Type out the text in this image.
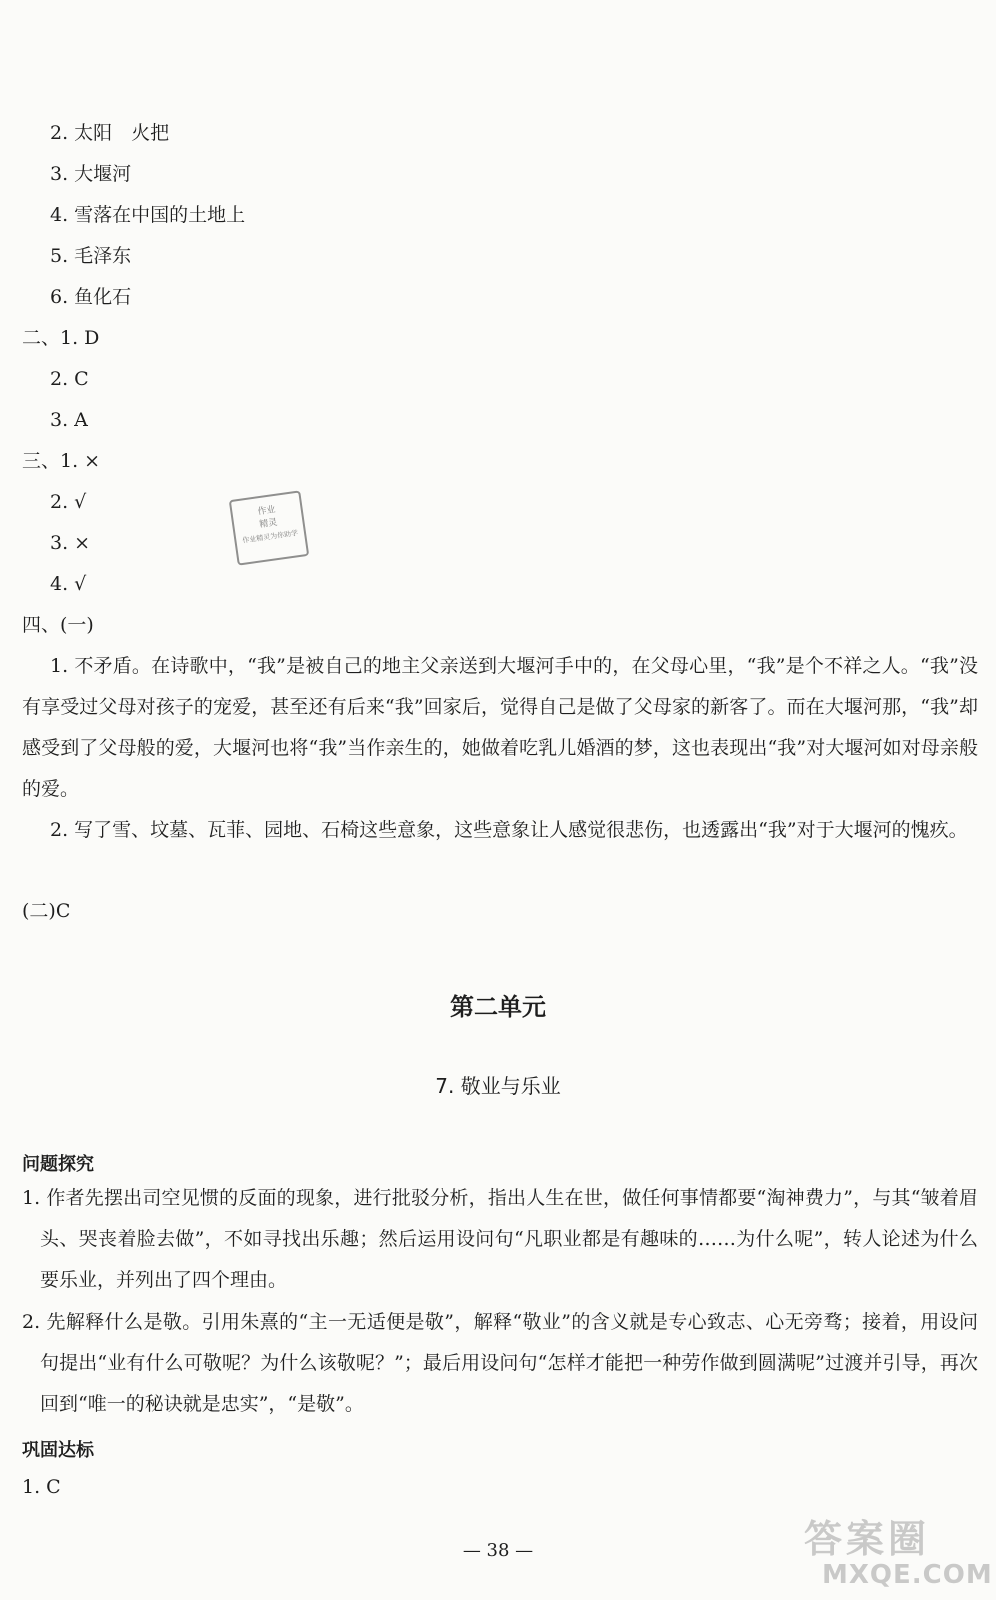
2. 太阳　火把
3. 大堰河
4. 雪落在中国的土地上
5. 毛泽东
6. 鱼化石
二、1. D
2. C
3. A
三、1. ×
2. √
3. ×
4. √
作业
精灵
作业精灵为你助学
四、(一)
1. 不矛盾。在诗歌中，“我”是被自己的地主父亲送到大堰河手中的，在父母心里，“我”是个不祥之人。“我”没有享受过父母对孩子的宠爱，甚至还有后来“我”回家后，觉得自己是做了父母家的新客了。而在大堰河那，“我”却感受到了父母般的爱，大堰河也将“我”当作亲生的，她做着吃乳儿婚酒的梦，这也表现出“我”对大堰河如对母亲般的爱。
2. 写了雪、坟墓、瓦菲、园地、石椅这些意象，这些意象让人感觉很悲伤，也透露出“我”对于大堰河的愧疚。
(二)C
第二单元
7. 敬业与乐业
问题探究
1. 作者先摆出司空见惯的反面的现象，进行批驳分析，指出人生在世，做任何事情都要“淘神费力”，与其“皱着眉头、哭丧着脸去做”，不如寻找出乐趣；然后运用设问句“凡职业都是有趣味的……为什么呢”，转人论述为什么要乐业，并列出了四个理由。
2. 先解释什么是敬。引用朱熹的“主一无适便是敬”，解释“敬业”的含义就是专心致志、心无旁骛；接着，用设问句提出“业有什么可敬呢？为什么该敬呢？”；最后用设问句“怎样才能把一种劳作做到圆满呢”过渡并引导，再次回到“唯一的秘诀就是忠实”，“是敬”。
巩固达标
1. C
— 38 —	答案圈
MXQE.COM
